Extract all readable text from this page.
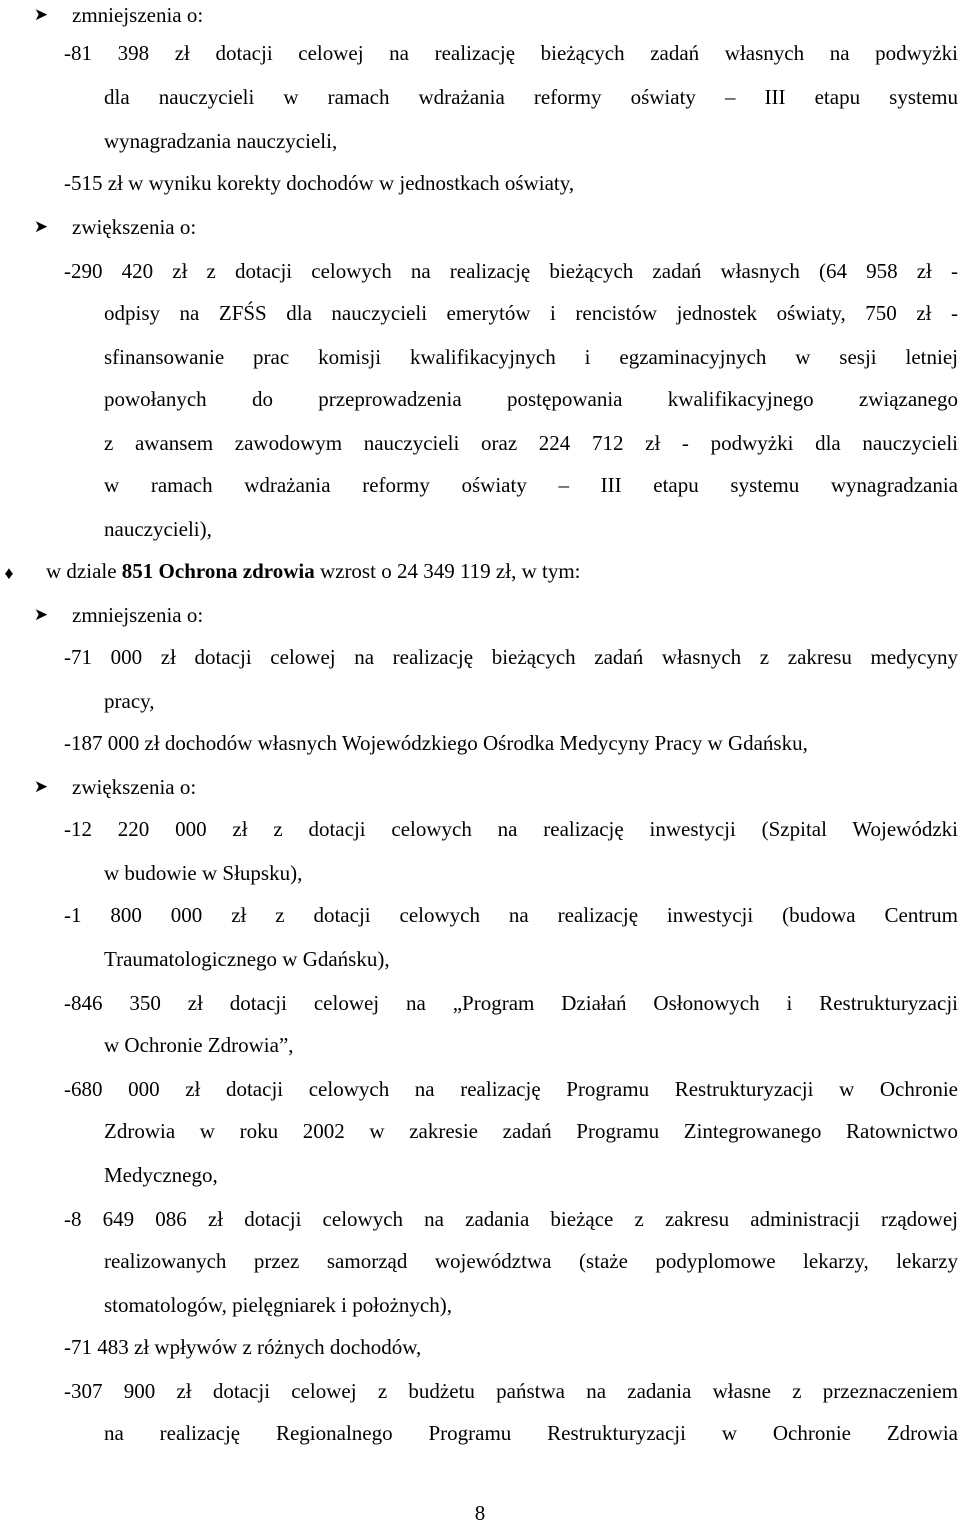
➤ zmniejszenia o:
-81 398 zł dotacji celowej na realizację bieżących zadań własnych na podwyżki
dla nauczycieli w ramach wdrażania reformy oświaty – III etapu systemu
wynagradzania nauczycieli,
-515 zł w wyniku korekty dochodów w jednostkach oświaty,
➤ zwiększenia o:
-290 420 zł z dotacji celowych na realizację bieżących zadań własnych (64 958 zł -
odpisy na ZFŚS dla nauczycieli emerytów i rencistów jednostek oświaty, 750 zł -
sfinansowanie prac komisji kwalifikacyjnych i egzaminacyjnych w sesji letniej
powołanych do przeprowadzenia postępowania kwalifikacyjnego związanego
z awansem zawodowym nauczycieli oraz 224 712 zł - podwyżki dla nauczycieli
w ramach wdrażania reformy oświaty – III etapu systemu wynagradzania
nauczycieli),
♦	w dziale 851 Ochrona zdrowia wzrost o 24 349 119 zł, w tym:
➤ zmniejszenia o:
-71 000 zł dotacji celowej na realizację bieżących zadań własnych z zakresu medycyny
pracy,
-187 000 zł dochodów własnych Wojewódzkiego Ośrodka Medycyny Pracy w Gdańsku,
➤ zwiększenia o:
-12 220 000 zł z dotacji celowych na realizację inwestycji (Szpital Wojewódzki
w budowie w Słupsku),
-1 800 000 zł z dotacji celowych na realizację inwestycji (budowa Centrum
Traumatologicznego w Gdańsku),
-846 350 zł dotacji celowej na „Program Działań Osłonowych i Restrukturyzacji
w Ochronie Zdrowia”,
-680 000 zł dotacji celowych na realizację Programu Restrukturyzacji w Ochronie
Zdrowia w roku 2002 w zakresie zadań Programu Zintegrowanego Ratownictwo
Medycznego,
-8 649 086 zł dotacji celowych na zadania bieżące z zakresu administracji rządowej
realizowanych przez samorząd województwa (staże podyplomowe lekarzy, lekarzy
stomatologów, pielęgniarek i położnych),
-71 483 zł wpływów z różnych dochodów,
-307 900 zł dotacji celowej z budżetu państwa na zadania własne z przeznaczeniem
na realizację Regionalnego Programu Restrukturyzacji w Ochronie Zdrowia
8
